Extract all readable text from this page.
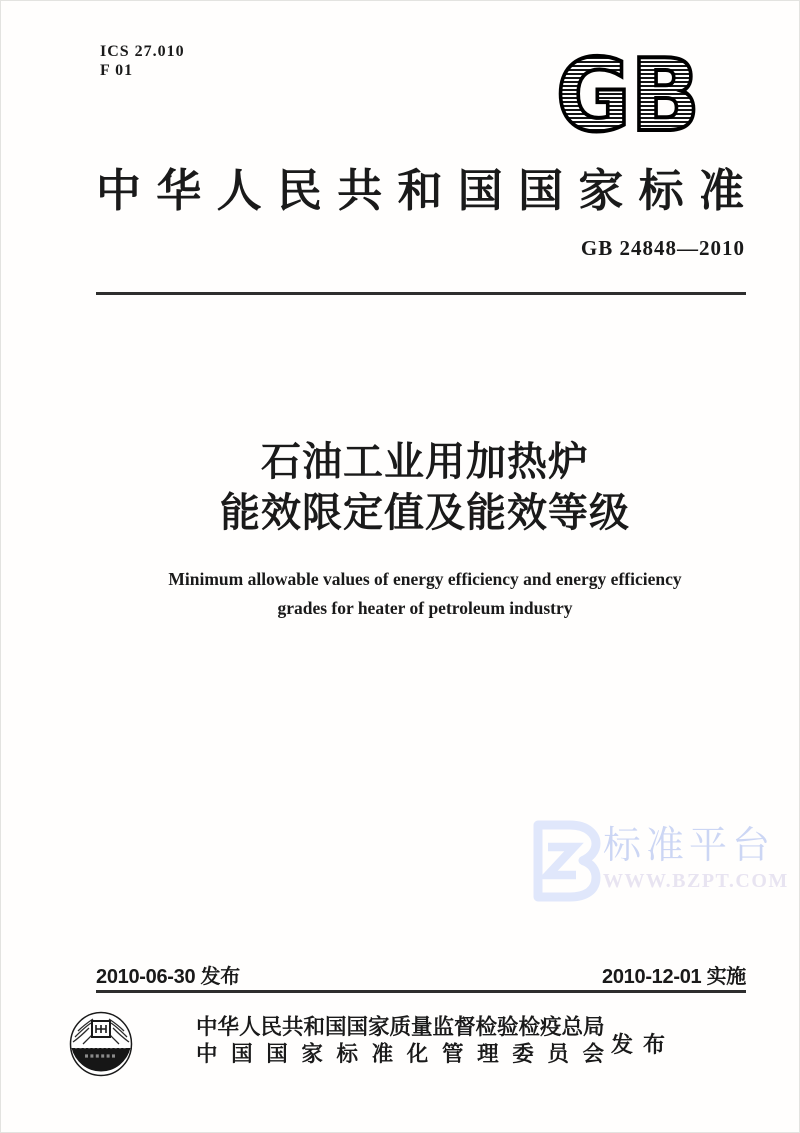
ICS 27.010
F 01	GB
中华人民共和国国家标准
GB 24848—2010
石油工业用加热炉
能效限定值及能效等级
Minimum allowable values of energy efficiency and energy efficiency
grades for heater of petroleum industry
标准平台
WWW.BZPT.COM
2010-06-30 发布	2010-12-01 实施
中华人民共和国国家质量监督检验检疫总局
中国国家标准化管理委员会 发布
